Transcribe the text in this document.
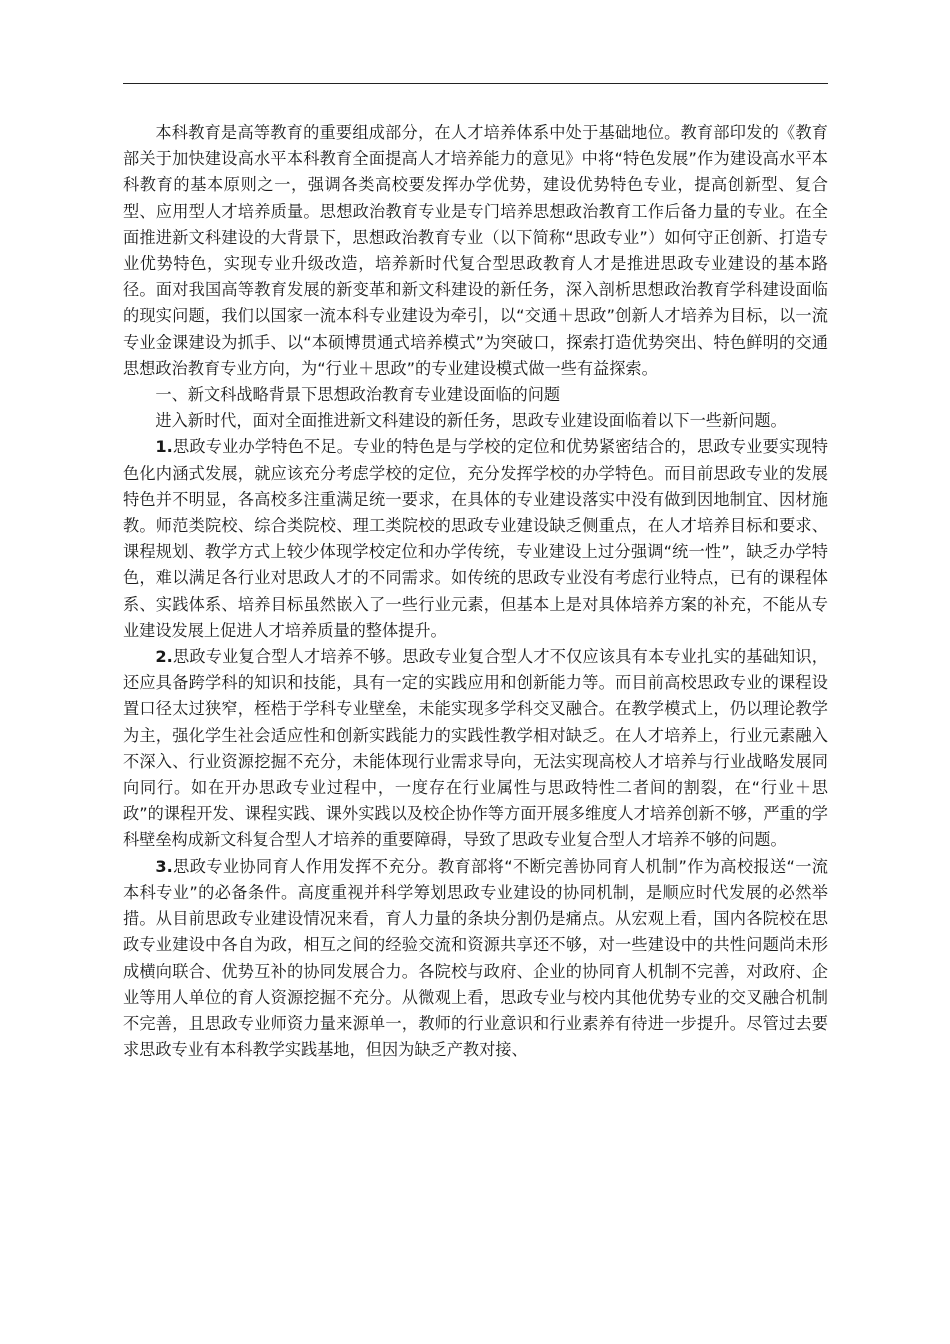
本科教育是高等教育的重要组成部分，在人才培养体系中处于基础地位。教育部印发的《教育部关于加快建设高水平本科教育全面提高人才培养能力的意见》中将“特色发展”作为建设高水平本科教育的基本原则之一，强调各类高校要发挥办学优势，建设优势特色专业，提高创新型、复合型、应用型人才培养质量。思想政治教育专业是专门培养思想政治教育工作后备力量的专业。在全面推进新文科建设的大背景下，思想政治教育专业（以下简称“思政专业”）如何守正创新、打造专业优势特色，实现专业升级改造，培养新时代复合型思政教育人才是推进思政专业建设的基本路径。面对我国高等教育发展的新变革和新文科建设的新任务，深入剖析思想政治教育学科建设面临的现实问题，我们以国家一流本科专业建设为牵引，以“交通＋思政”创新人才培养为目标，以一流专业金课建设为抓手、以“本硕博贯通式培养模式”为突破口，探索打造优势突出、特色鲜明的交通思想政治教育专业方向，为“行业＋思政”的专业建设模式做一些有益探索。

一、新文科战略背景下思想政治教育专业建设面临的问题

进入新时代，面对全面推进新文科建设的新任务，思政专业建设面临着以下一些新问题。

1.思政专业办学特色不足。专业的特色是与学校的定位和优势紧密结合的，思政专业要实现特色化内涵式发展，就应该充分考虑学校的定位，充分发挥学校的办学特色。而目前思政专业的发展特色并不明显，各高校多注重满足统一要求，在具体的专业建设落实中没有做到因地制宜、因材施教。师范类院校、综合类院校、理工类院校的思政专业建设缺乏侧重点，在人才培养目标和要求、课程规划、教学方式上较少体现学校定位和办学传统，专业建设上过分强调“统一性”，缺乏办学特色，难以满足各行业对思政人才的不同需求。如传统的思政专业没有考虑行业特点，已有的课程体系、实践体系、培养目标虽然嵌入了一些行业元素，但基本上是对具体培养方案的补充，不能从专业建设发展上促进人才培养质量的整体提升。

2.思政专业复合型人才培养不够。思政专业复合型人才不仅应该具有本专业扎实的基础知识，还应具备跨学科的知识和技能，具有一定的实践应用和创新能力等。而目前高校思政专业的课程设置口径太过狭窄，桎梏于学科专业壁垒，未能实现多学科交叉融合。在教学模式上，仍以理论教学为主，强化学生社会适应性和创新实践能力的实践性教学相对缺乏。在人才培养上，行业元素融入不深入、行业资源挖掘不充分，未能体现行业需求导向，无法实现高校人才培养与行业战略发展同向同行。如在开办思政专业过程中，一度存在行业属性与思政特性二者间的割裂，在“行业＋思政”的课程开发、课程实践、课外实践以及校企协作等方面开展多维度人才培养创新不够，严重的学科壁垒构成新文科复合型人才培养的重要障碍，导致了思政专业复合型人才培养不够的问题。

3.思政专业协同育人作用发挥不充分。教育部将“不断完善协同育人机制”作为高校报送“一流本科专业”的必备条件。高度重视并科学筹划思政专业建设的协同机制，是顺应时代发展的必然举措。从目前思政专业建设情况来看，育人力量的条块分割仍是痛点。从宏观上看，国内各院校在思政专业建设中各自为政，相互之间的经验交流和资源共享还不够，对一些建设中的共性问题尚未形成横向联合、优势互补的协同发展合力。各院校与政府、企业的协同育人机制不完善，对政府、企业等用人单位的育人资源挖掘不充分。从微观上看，思政专业与校内其他优势专业的交叉融合机制不完善，且思政专业师资力量来源单一，教师的行业意识和行业素养有待进一步提升。尽管过去要求思政专业有本科教学实践基地，但因为缺乏产教对接、
